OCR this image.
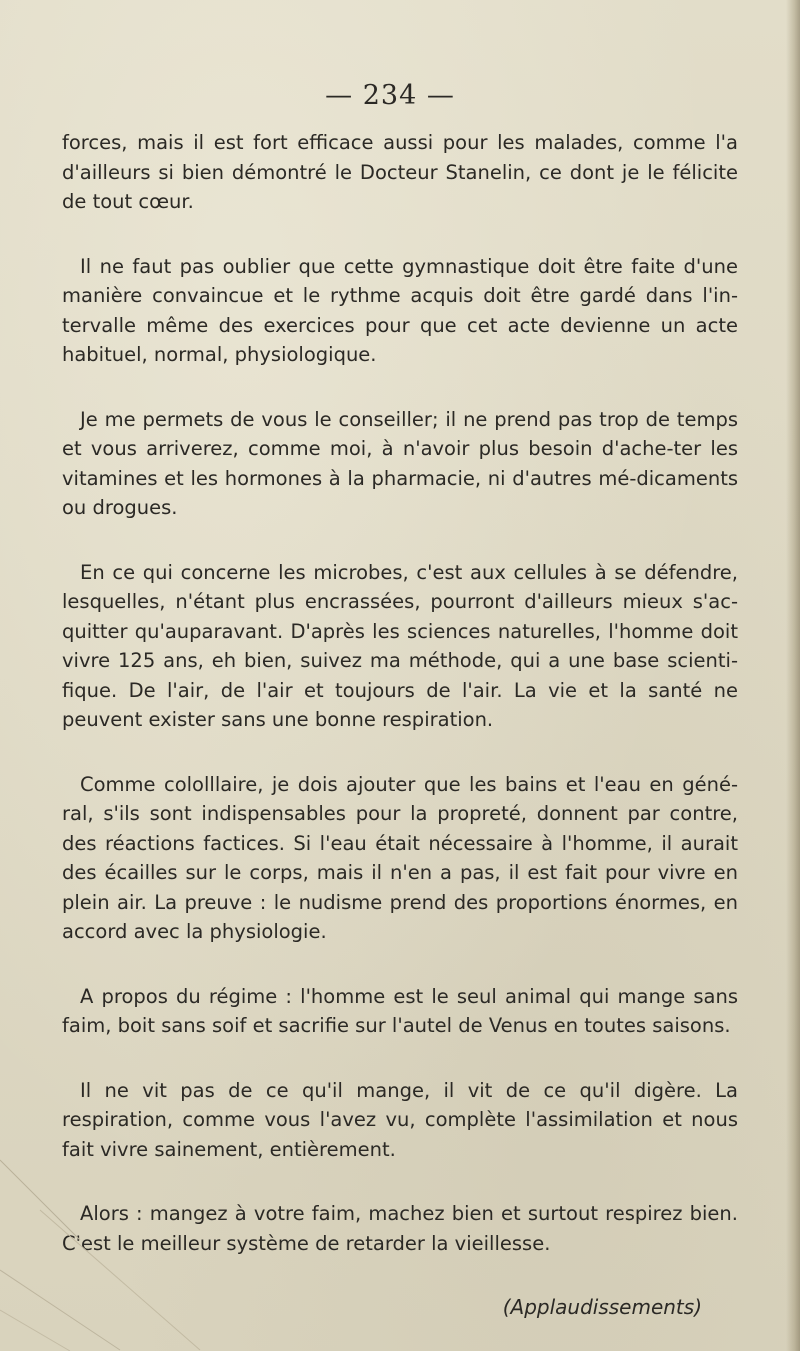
— 234 —

forces, mais il est fort efficace aussi pour les malades, comme l'a d'ailleurs si bien démontré le Docteur Stanelin, ce dont je le félicite de tout cœur.

Il ne faut pas oublier que cette gymnastique doit être faite d'une manière convaincue et le rythme acquis doit être gardé dans l'in-tervalle même des exercices pour que cet acte devienne un acte habituel, normal, physiologique.

Je me permets de vous le conseiller; il ne prend pas trop de temps et vous arriverez, comme moi, à n'avoir plus besoin d'ache-ter les vitamines et les hormones à la pharmacie, ni d'autres mé-dicaments ou drogues.

En ce qui concerne les microbes, c'est aux cellules à se défendre, lesquelles, n'étant plus encrassées, pourront d'ailleurs mieux s'ac-quitter qu'auparavant. D'après les sciences naturelles, l'homme doit vivre 125 ans, eh bien, suivez ma méthode, qui a une base scienti-fique. De l'air, de l'air et toujours de l'air. La vie et la santé ne peuvent exister sans une bonne respiration.

Comme cololllaire, je dois ajouter que les bains et l'eau en géné-ral, s'ils sont indispensables pour la propreté, donnent par contre, des réactions factices. Si l'eau était nécessaire à l'homme, il aurait des écailles sur le corps, mais il n'en a pas, il est fait pour vivre en plein air. La preuve : le nudisme prend des proportions énormes, en accord avec la physiologie.

A propos du régime : l'homme est le seul animal qui mange sans faim, boit sans soif et sacrifie sur l'autel de Venus en toutes saisons.

Il ne vit pas de ce qu'il mange, il vit de ce qu'il digère. La respiration, comme vous l'avez vu, complète l'assimilation et nous fait vivre sainement, entièrement.

Alors : mangez à votre faim, machez bien et surtout respirez bien. C'est le meilleur système de retarder la vieillesse.

(Applaudissements)
